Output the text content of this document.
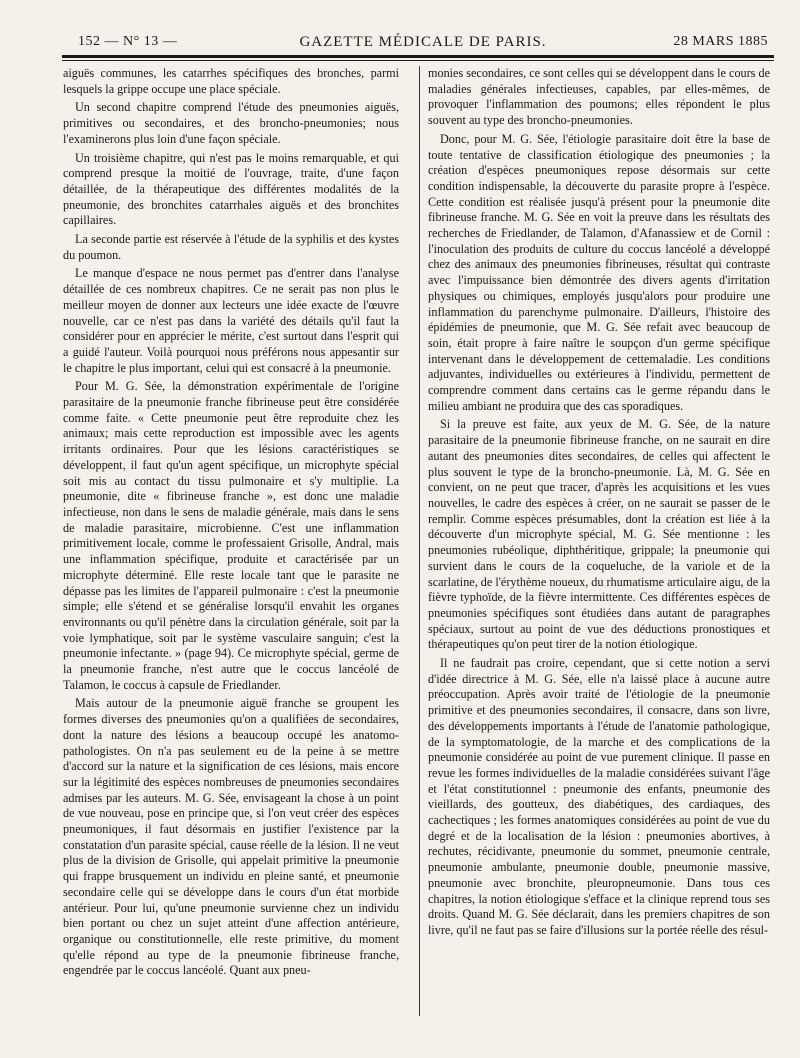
152 — N° 13 —	GAZETTE MÉDICALE DE PARIS.	28 MARS 1885

aiguës communes, les catarrhes spécifiques des bronches, parmi lesquels la grippe occupe une place spéciale.

Un second chapitre comprend l'étude des pneumonies aiguës, primitives ou secondaires, et des broncho-pneumonies; nous l'examinerons plus loin d'une façon spéciale.

Un troisième chapitre, qui n'est pas le moins remarquable, et qui comprend presque la moitié de l'ouvrage, traite, d'une façon détaillée, de la thérapeutique des différentes modalités de la pneumonie, des bronchites catarrhales aiguës et des bronchites capillaires.

La seconde partie est réservée à l'étude de la syphilis et des kystes du poumon.

Le manque d'espace ne nous permet pas d'entrer dans l'analyse détaillée de ces nombreux chapitres. Ce ne serait pas non plus le meilleur moyen de donner aux lecteurs une idée exacte de l'œuvre nouvelle, car ce n'est pas dans la variété des détails qu'il faut la considérer pour en apprécier le mérite, c'est surtout dans l'esprit qui a guidé l'auteur. Voilà pourquoi nous préférons nous appesantir sur le chapitre le plus important, celui qui est consacré à la pneumonie.

Pour M. G. Sée, la démonstration expérimentale de l'origine parasitaire de la pneumonie franche fibrineuse peut être considérée comme faite. « Cette pneumonie peut être reproduite chez les animaux; mais cette reproduction est impossible avec les agents irritants ordinaires. Pour que les lésions caractéristiques se développent, il faut qu'un agent spécifique, un microphyte spécial soit mis au contact du tissu pulmonaire et s'y multiplie. La pneumonie, dite « fibrineuse franche », est donc une maladie infectieuse, non dans le sens de maladie générale, mais dans le sens de maladie parasitaire, microbienne. C'est une inflammation primitivement locale, comme le professaient Grisolle, Andral, mais une inflammation spécifique, produite et caractérisée par un microphyte déterminé. Elle reste locale tant que le parasite ne dépasse pas les limites de l'appareil pulmonaire : c'est la pneumonie simple; elle s'étend et se généralise lorsqu'il envahit les organes environnants ou qu'il pénètre dans la circulation générale, soit par la voie lymphatique, soit par le système vasculaire sanguin; c'est la pneumonie infectante. » (page 94). Ce microphyte spécial, germe de la pneumonie franche, n'est autre que le coccus lancéolé de Talamon, le coccus à capsule de Friedlander.

Mais autour de la pneumonie aiguë franche se groupent les formes diverses des pneumonies qu'on a qualifiées de secondaires, dont la nature des lésions a beaucoup occupé les anatomo-pathologistes. On n'a pas seulement eu de la peine à se mettre d'accord sur la nature et la signification de ces lésions, mais encore sur la légitimité des espèces nombreuses de pneumonies secondaires admises par les auteurs. M. G. Sée, envisageant la chose à un point de vue nouveau, pose en principe que, si l'on veut créer des espèces pneumoniques, il faut désormais en justifier l'existence par la constatation d'un parasite spécial, cause réelle de la lésion. Il ne veut plus de la division de Grisolle, qui appelait primitive la pneumonie qui frappe brusquement un individu en pleine santé, et pneumonie secondaire celle qui se développe dans le cours d'un état morbide antérieur. Pour lui, qu'une pneumonie survienne chez un individu bien portant ou chez un sujet atteint d'une affection antérieure, organique ou constitutionnelle, elle reste primitive, du moment qu'elle répond au type de la pneumonie fibrineuse franche, engendrée par le coccus lancéolé. Quant aux pneu-

monies secondaires, ce sont celles qui se développent dans le cours de maladies générales infectieuses, capables, par elles-mêmes, de provoquer l'inflammation des poumons; elles répondent le plus souvent au type des broncho-pneumonies.

Donc, pour M. G. Sée, l'étiologie parasitaire doit être la base de toute tentative de classification étiologique des pneumonies ; la création d'espèces pneumoniques repose désormais sur cette condition indispensable, la découverte du parasite propre à l'espèce. Cette condition est réalisée jusqu'à présent pour la pneumonie dite fibrineuse franche. M. G. Sée en voit la preuve dans les résultats des recherches de Friedlander, de Talamon, d'Afanassiew et de Cornil : l'inoculation des produits de culture du coccus lancéolé a développé chez des animaux des pneumonies fibrineuses, résultat qui contraste avec l'impuissance bien démontrée des divers agents d'irritation physiques ou chimiques, employés jusqu'alors pour produire une inflammation du parenchyme pulmonaire. D'ailleurs, l'histoire des épidémies de pneumonie, que M. G. Sée refait avec beaucoup de soin, était propre à faire naître le soupçon d'un germe spécifique intervenant dans le développement de cettemaladie. Les conditions adjuvantes, individuelles ou extérieures à l'individu, permettent de comprendre comment dans certains cas le germe répandu dans le milieu ambiant ne produira que des cas sporadiques.

Si la preuve est faite, aux yeux de M. G. Sée, de la nature parasitaire de la pneumonie fibrineuse franche, on ne saurait en dire autant des pneumonies dites secondaires, de celles qui affectent le plus souvent le type de la broncho-pneumonie. Là, M. G. Sée en convient, on ne peut que tracer, d'après les acquisitions et les vues nouvelles, le cadre des espèces à créer, on ne saurait se passer de le remplir. Comme espèces présumables, dont la création est liée à la découverte d'un microphyte spécial, M. G. Sée mentionne : les pneumonies rubéolique, diphthéritique, grippale; la pneumonie qui survient dans le cours de la coqueluche, de la variole et de la scarlatine, de l'érythème noueux, du rhumatisme articulaire aigu, de la fièvre typhoïde, de la fièvre intermittente. Ces différentes espèces de pneumonies spécifiques sont étudiées dans autant de paragraphes spéciaux, surtout au point de vue des déductions pronostiques et thérapeutiques qu'on peut tirer de la notion étiologique.

Il ne faudrait pas croire, cependant, que si cette notion a servi d'idée directrice à M. G. Sée, elle n'a laissé place à aucune autre préoccupation. Après avoir traité de l'étiologie de la pneumonie primitive et des pneumonies secondaires, il consacre, dans son livre, des développements importants à l'étude de l'anatomie pathologique, de la symptomatologie, de la marche et des complications de la pneumonie considérée au point de vue purement clinique. Il passe en revue les formes individuelles de la maladie considérées suivant l'âge et l'état constitutionnel : pneumonie des enfants, pneumonie des vieillards, des goutteux, des diabétiques, des cardiaques, des cachectiques ; les formes anatomiques considérées au point de vue du degré et de la localisation de la lésion : pneumonies abortives, à rechutes, récidivante, pneumonie du sommet, pneumonie centrale, pneumonie ambulante, pneumonie double, pneumonie massive, pneumonie avec bronchite, pleuropneumonie. Dans tous ces chapitres, la notion étiologique s'efface et la clinique reprend tous ses droits. Quand M. G. Sée déclarait, dans les premiers chapitres de son livre, qu'il ne faut pas se faire d'illusions sur la portée réelle des résul-
